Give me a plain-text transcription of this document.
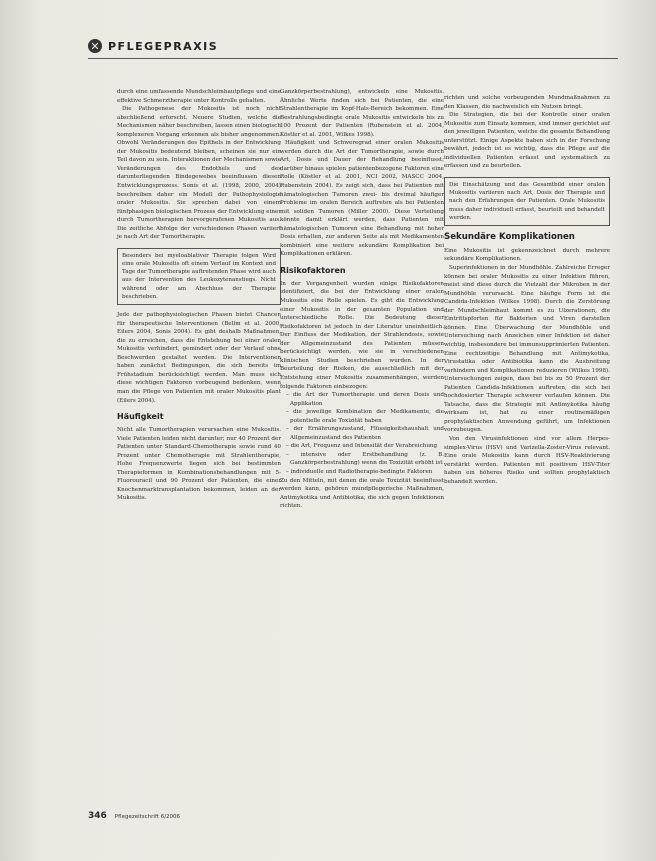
✕ PFLEGEPRAXIS

durch eine umfassende Mundschleimhautpflege und eine effektive Schmerztherapie unter Kontrolle gehalten.

Die Pathogenese der Mukositis ist noch nicht abschließend erforscht. Neuere Studien, welche die Mechanismen näher beschreiben, lassen einen biologisch komplexeren Vorgang erkennen als bisher angenommen. Obwohl Veränderungen des Epithels in der Entwicklung der Mukositis bedeutend bleiben, scheinen sie nur ein Teil davon zu sein. Interaktionen der Mechanismen sowie Veränderungen des Endothels und des darunterliegenden Bindegewebes beeinflussen diesen Entwicklungsprozess. Sonis et al. (1998, 2000, 2004) beschreiben daher ein Modell der Pathophysiologie oraler Mukositis. Sie sprechen dabei von einem fünfphasigen biologischen Prozess der Entwicklung einer durch Tumortherapien hervorgerufenen Mukositis aus. Die zeitliche Abfolge der verschiedenen Phasen variiert je nach Art der Tumortherapie.

Besonders bei myeloablativer Therapie folgen Wird eine orale Mukositis oft einem Verlauf im Kontext und Tage der Tumortherapie auftretenden Phase wird auch aus der Intervention des Leukozytenanstiegs. Nicht während oder am Abschluss der Therapie beschrieben.

Jede der pathophysiologischen Phasen bietet Chancen für therapeutische Interventionen (Bellm et al. 2000, Eilers 2004, Sonis 2004). Es gibt deshalb Maßnahmen, die zu erreichen, dass die Entstehung bei einer oralen Mukositis verhindert, gemindert oder der Verlauf ohne Beschwerden gestaltet werden. Die Interventionen haben zunächst Bedingungen, die sich bereits im Frühstadium berücksichtigt werden. Man muss sich diese wichtigen Faktoren vorbeugend bedenken, wenn man die Pflege von Patienten mit oraler Mukositis plant (Eilers 2004).

Häufigkeit

Nicht alle Tumortherapien verursachen eine Mukositis. Viele Patienten leiden nicht darunter; nur 40 Prozent der Patienten unter Standard-Chemotherapie sowie rund 40 Prozent unter Chemotherapie mit Strahlentherapie, Hohe Frequenzwerte liegen sich bei bestimmten Therapieformen in Kombinationsbehandlungen mit 5-Fluorouracil und 90 Prozent der Patienten, die einer Knochenmarktransplantation bekommen, leiden an der Mukositis.

Ganzkörperbestrahlung), entwickeln eine Mukositis. Ähnliche Werte finden sich bei Patienten, die eine Strahlentherapie im Kopf-Hals-Bereich bekommen. Eine Bestrahlungsbedingte orale Mukositis entwickeln bis zu 100 Prozent der Patienten (Rubenstein et al. 2004, Köstler et al. 2001, Wilkes 1998).

Häufigkeit und Schweregrad einer oralen Mukositis werden durch die Art der Tumortherapie, sowie durch Art, Dosis und Dauer der Behandlung beeinflusst; darüber hinaus spielen patientenbezogene Faktoren eine Rolle (Köstler et al. 2001, NCI 2002, MASCC 2004, Rubenstein 2004). Es zeigt sich, dass bei Patienten mit hämatologischen Tumoren zwei- bis dreimal häufiger Probleme im oralen Bereich auftreten als bei Patienten mit soliden Tumoren (Miller 2000). Diese Verteilung könnte damit erklärt werden, dass Patienten mit hämatologischen Tumoren eine Behandlung mit hoher Dosis erhalten, zur anderen Seite als mit Medikamenten kombiniert eine weitere sekundäre Komplikation bei Komplikationen erklären.

Risikofaktoren

In der Vergangenheit wurden einige Risikofaktoren identifiziert, die bei der Entwicklung einer oralen Mukositis eine Rolle spielen. Es gibt die Entwicklung einer Mukositis in der gesamten Population und unterschiedliche Rolle. Die Bedeutung dieser Risikofaktoren ist jedoch in der Literatur uneinheitlich. Der Einfluss der Medikation, der Strahlendosis, sowie der Allgemeinzustand des Patienten müssen berücksichtigt werden, wie sie in verschiedenen klinischen Studien beschrieben wurden. In der Beurteilung der Risiken, die ausschließlich mit der Entstehung einer Mukositis zusammenhängen, werden folgende Faktoren einbezogen:

– die Art der Tumortherapie und deren Dosis und Applikation
– die jeweilige Kombination der Medikamente, die potentielle orale Toxizität haben
– der Ernährungszustand, Flüssigkeitshaushalt und Allgemeinzustand des Patienten
– die Art, Frequenz und Intensität der Verabreichung
– intensive oder Erstbehandlung (z. B. Ganzkörperbestrahlung) wenn die Toxizität erhöht ist
– individuelle und Radiotherapie-bedingte Faktoren

Zu den Mitteln, mit denen die orale Toxizität beeinflusst werden kann, gehören mundpflegerische Maßnahmen, Antimykotika und Antibiotika, die sich gegen Infektionen richten.

richten und solche vorbeugenden Mundmaßnahmen zu den Klassen, die nachweislich ein Nutzen bringt.

Die Strategien, die bei der Kontrolle einer oralen Mukositis zum Einsatz kommen, sind immer gerichtet auf den jeweiligen Patienten, welche die gesamte Behandlung unterstützt. Einige Aspekte haben sich in der Forschung bewährt, jedoch ist es wichtig, dass die Pflege auf die individuellen Patienten erfasst und systematisch zu erfassen und zu beurteilen.

Die Einschätzung und das Gesamtbild einer oralen Mukositis variieren nach Art, Dosis der Therapie und nach den Erfahrungen der Patienten. Orale Mukositis muss daher individuell erfasst, beurteilt und behandelt werden.
Sekundäre Komplikationen

Eine Mukositis ist gekennzeichnet durch mehrere sekundäre Komplikationen.

Superinfektionen in der Mundhöhle. Zahlreiche Erreger können bei oraler Mukositis zu einer Infektion führen, meist sind diese durch die Vielzahl der Mikroben in der Mundhöhle verursacht. Eine häufige Form ist die Candida-Infektion (Wilkes 1998). Durch die Zerstörung der Mundschleimhaut kommt es zu Ulzerationen, die Eintrittspforten für Bakterien und Viren darstellen können. Eine Überwachung der Mundhöhle und Untersuchung nach Anzeichen einer Infektion ist daher wichtig, insbesondere bei immunsupprimierten Patienten. Eine rechtzeitige Behandlung mit Antimykotika, Virustatika oder Antibiotika kann die Ausbreitung verhindern und Komplikationen reduzieren (Wilkes 1998). Untersuchungen zeigen, dass bei bis zu 50 Prozent der Patienten Candida-Infektionen auftreten, die sich bei hochdosierter Therapie schwerer verlaufen können. Die Tatsache, dass die Strategie mit Antimykotika häufig wirksam ist, hat zu einer routinemäßigen prophylaktischen Anwendung geführt, um Infektionen vorzubeugen.

Von den Virusinfektionen sind vor allem Herpes-simplex-Virus (HSV) und Varizella-Zoster-Virus relevant. Eine orale Mukositis kann durch HSV-Reaktivierung verstärkt werden. Patienten mit positivem HSV-Titer haben ein höheres Risiko und sollten prophylaktisch behandelt werden.

346 Pflegezeitschrift 6/2006
